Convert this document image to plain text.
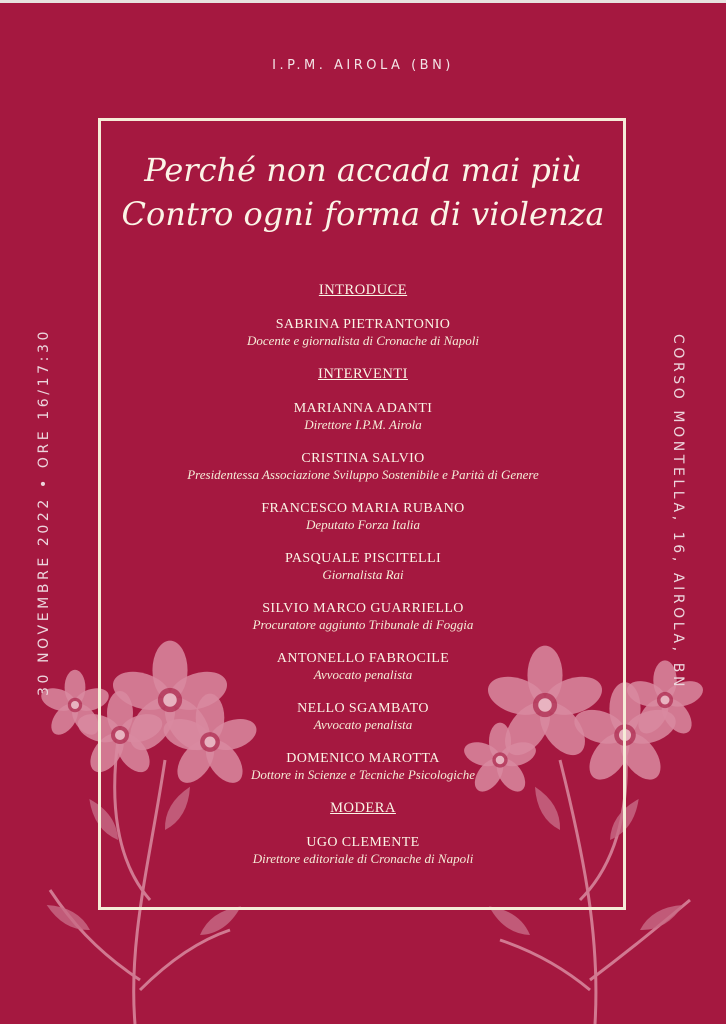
I.P.M. AIROLA (BN)
Perché non accada mai più
Contro ogni forma di violenza
INTRODUCE
SABRINA PIETRANTONIO
Docente e giornalista di Cronache di Napoli
INTERVENTI
MARIANNA ADANTI
Direttore I.P.M. Airola
CRISTINA SALVIO
Presidentessa Associazione Sviluppo Sostenibile e Parità di Genere
FRANCESCO MARIA RUBANO
Deputato Forza Italia
PASQUALE PISCITELLI
Giornalista Rai
SILVIO MARCO GUARRIELLO
Procuratore aggiunto Tribunale di Foggia
ANTONELLO FABROCILE
Avvocato penalista
NELLO SGAMBATO
Avvocato penalista
DOMENICO MAROTTA
Dottore in Scienze e Tecniche Psicologiche
MODERA
UGO CLEMENTE
Direttore editoriale di Cronache di Napoli
30 NOVEMBRE 2022 • ORE 16/17:30	CORSO MONTELLA, 16, AIROLA, BN
